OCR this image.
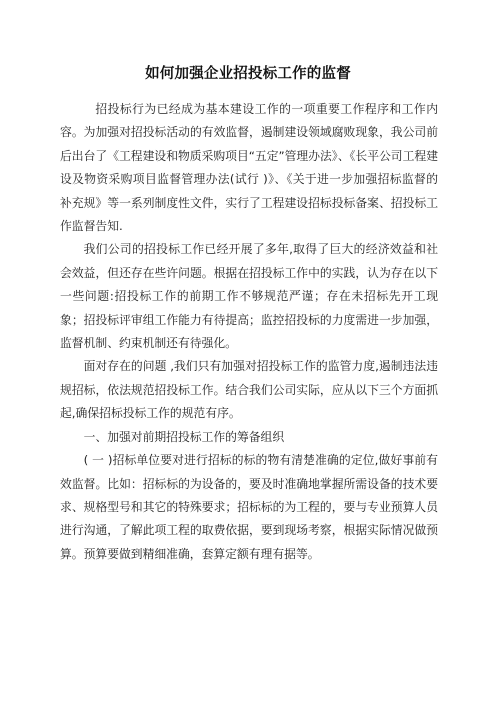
如何加强企业招投标工作的监督

招投标行为已经成为基本建设工作的一项重要工作程序和工作内容。为加强对招投标活动的有效监督，遏制建设领域腐败现象，我公司前后出台了《工程建设和物质采购项目“五定”管理办法》、《长平公司工程建设及物资采购项目监督管理办法(试行 )》、《关于进一步加强招标监督的补充规》等一系列制度性文件，实行了工程建设招标投标备案、招投标工作监督告知.

我们公司的招投标工作已经开展了多年,取得了巨大的经济效益和社会效益，但还存在些许问题。根据在招投标工作中的实践，认为存在以下一些问题:招投标工作的前期工作不够规范严谨；存在未招标先开工现象；招投标评审组工作能力有待提高；监控招投标的力度需进一步加强，监督机制、约束机制还有待强化。

面对存在的问题 ,我们只有加强对招投标工作的监管力度,遏制违法违规招标，依法规范招投标工作。结合我们公司实际，应从以下三个方面抓起,确保招标投标工作的规范有序。

一、加强对前期招投标工作的筹备组织

( 一 )招标单位要对进行招标的标的物有清楚准确的定位,做好事前有效监督。比如：招标标的为设备的，要及时准确地掌握所需设备的技术要求、规格型号和其它的特殊要求；招标标的为工程的，要与专业预算人员进行沟通，了解此项工程的取费依据，要到现场考察，根据实际情况做预算。预算要做到精细准确，套算定额有理有据等。
